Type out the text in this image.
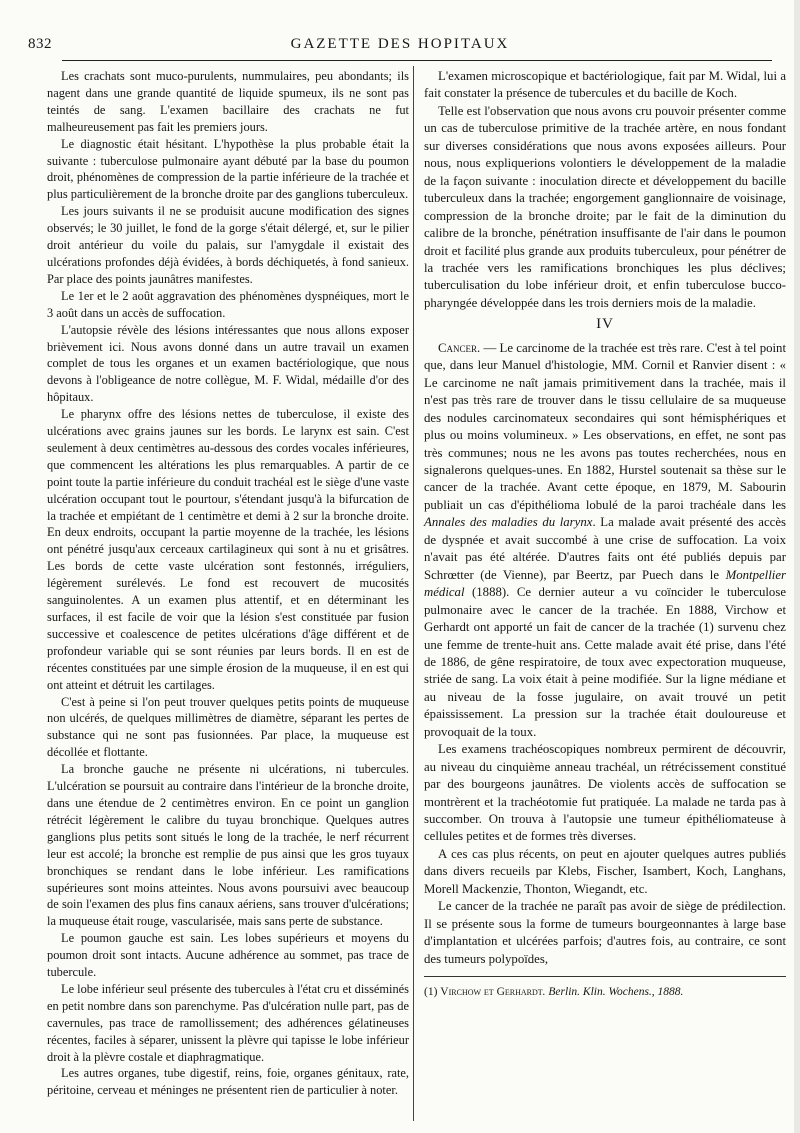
832	GAZETTE DES HOPITAUX

Les crachats sont muco-purulents, nummulaires, peu abondants; ils nagent dans une grande quantité de liquide spumeux, ils ne sont pas teintés de sang. L'examen bacillaire des crachats ne fut malheureusement pas fait les premiers jours.

Le diagnostic était hésitant. L'hypothèse la plus probable était la suivante : tuberculose pulmonaire ayant débuté par la base du poumon droit, phénomènes de compression de la partie inférieure de la trachée et plus particulièrement de la bronche droite par des ganglions tuberculeux.

Les jours suivants il ne se produisit aucune modification des signes observés; le 30 juillet, le fond de la gorge s'était délergé, et, sur le pilier droit antérieur du voile du palais, sur l'amygdale il existait des ulcérations profondes déjà évidées, à bords déchiquetés, à fond sanieux. Par place des points jaunâtres manifestes.

Le 1er et le 2 août aggravation des phénomènes dyspnéiques, mort le 3 août dans un accès de suffocation.

L'autopsie révèle des lésions intéressantes que nous allons exposer brièvement ici. Nous avons donné dans un autre travail un examen complet de tous les organes et un examen bactériologique, que nous devons à l'obligeance de notre collègue, M. F. Widal, médaille d'or des hôpitaux.

Le pharynx offre des lésions nettes de tuberculose, il existe des ulcérations avec grains jaunes sur les bords. Le larynx est sain. C'est seulement à deux centimètres au-dessous des cordes vocales inférieures, que commencent les altérations les plus remarquables. A partir de ce point toute la partie inférieure du conduit trachéal est le siège d'une vaste ulcération occupant tout le pourtour, s'étendant jusqu'à la bifurcation de la trachée et empiétant de 1 centimètre et demi à 2 sur la bronche droite. En deux endroits, occupant la partie moyenne de la trachée, les lésions ont pénétré jusqu'aux cerceaux cartilagineux qui sont à nu et grisâtres. Les bords de cette vaste ulcération sont festonnés, irréguliers, légèrement surélevés. Le fond est recouvert de mucosités sanguinolentes. A un examen plus attentif, et en déterminant les surfaces, il est facile de voir que la lésion s'est constituée par fusion successive et coalescence de petites ulcérations d'âge différent et de profondeur variable qui se sont réunies par leurs bords. Il en est de récentes constituées par une simple érosion de la muqueuse, il en est qui ont atteint et détruit les cartilages.

C'est à peine si l'on peut trouver quelques petits points de muqueuse non ulcérés, de quelques millimètres de diamètre, séparant les pertes de substance qui ne sont pas fusionnées. Par place, la muqueuse est décollée et flottante.

La bronche gauche ne présente ni ulcérations, ni tubercules. L'ulcération se poursuit au contraire dans l'intérieur de la bronche droite, dans une étendue de 2 centimètres environ. En ce point un ganglion rétrécit légèrement le calibre du tuyau bronchique. Quelques autres ganglions plus petits sont situés le long de la trachée, le nerf récurrent leur est accolé; la bronche est remplie de pus ainsi que les gros tuyaux bronchiques se rendant dans le lobe inférieur. Les ramifications supérieures sont moins atteintes. Nous avons poursuivi avec beaucoup de soin l'examen des plus fins canaux aériens, sans trouver d'ulcérations; la muqueuse était rouge, vascularisée, mais sans perte de substance.

Le poumon gauche est sain. Les lobes supérieurs et moyens du poumon droit sont intacts. Aucune adhérence au sommet, pas trace de tubercule.

Le lobe inférieur seul présente des tubercules à l'état cru et disséminés en petit nombre dans son parenchyme. Pas d'ulcération nulle part, pas de cavernules, pas trace de ramollissement; des adhérences gélatineuses récentes, faciles à séparer, unissent la plèvre qui tapisse le lobe inférieur droit à la plèvre costale et diaphragmatique.

Les autres organes, tube digestif, reins, foie, organes génitaux, rate, péritoine, cerveau et méninges ne présentent rien de particulier à noter.

L'examen microscopique et bactériologique, fait par M. Widal, lui a fait constater la présence de tubercules et du bacille de Koch.

Telle est l'observation que nous avons cru pouvoir présenter comme un cas de tuberculose primitive de la trachée artère, en nous fondant sur diverses considérations que nous avons exposées ailleurs. Pour nous, nous expliquerions volontiers le développement de la maladie de la façon suivante : inoculation directe et développement du bacille tuberculeux dans la trachée; engorgement ganglionnaire de voisinage, compression de la bronche droite; par le fait de la diminution du calibre de la bronche, pénétration insuffisante de l'air dans le poumon droit et facilité plus grande aux produits tuberculeux, pour pénétrer de la trachée vers les ramifications bronchiques les plus déclives; tuberculisation du lobe inférieur droit, et enfin tuberculose bucco-pharyngée développée dans les trois derniers mois de la maladie.

IV

Cancer. — Le carcinome de la trachée est très rare. C'est à tel point que, dans leur Manuel d'histologie, MM. Cornil et Ranvier disent : « Le carcinome ne naît jamais primitivement dans la trachée, mais il n'est pas très rare de trouver dans le tissu cellulaire de sa muqueuse des nodules carcinomateux secondaires qui sont hémisphériques et plus ou moins volumineux. » Les observations, en effet, ne sont pas très communes; nous ne les avons pas toutes recherchées, nous en signalerons quelques-unes. En 1882, Hurstel soutenait sa thèse sur le cancer de la trachée. Avant cette époque, en 1879, M. Sabourin publiait un cas d'épithélioma lobulé de la paroi trachéale dans les Annales des maladies du larynx. La malade avait présenté des accès de dyspnée et avait succombé à une crise de suffocation. La voix n'avait pas été altérée. D'autres faits ont été publiés depuis par Schrœtter (de Vienne), par Beertz, par Puech dans le Montpellier médical (1888). Ce dernier auteur a vu coïncider le tuberculose pulmonaire avec le cancer de la trachée. En 1888, Virchow et Gerhardt ont apporté un fait de cancer de la trachée (1) survenu chez une femme de trente-huit ans. Cette malade avait été prise, dans l'été de 1886, de gêne respiratoire, de toux avec expectoration muqueuse, striée de sang. La voix était à peine modifiée. Sur la ligne médiane et au niveau de la fosse jugulaire, on avait trouvé un petit épaississement. La pression sur la trachée était douloureuse et provoquait de la toux.

Les examens trachéoscopiques nombreux permirent de découvrir, au niveau du cinquième anneau trachéal, un rétrécissement constitué par des bourgeons jaunâtres. De violents accès de suffocation se montrèrent et la trachéotomie fut pratiquée. La malade ne tarda pas à succomber. On trouva à l'autopsie une tumeur épithéliomateuse à cellules petites et de formes très diverses.

A ces cas plus récents, on peut en ajouter quelques autres publiés dans divers recueils par Klebs, Fischer, Isambert, Koch, Langhans, Morell Mackenzie, Thonton, Wiegandt, etc.

Le cancer de la trachée ne paraît pas avoir de siège de prédilection. Il se présente sous la forme de tumeurs bourgeonnantes à large base d'implantation et ulcérées parfois; d'autres fois, au contraire, ce sont des tumeurs polypoïdes,

(1) Virchow et Gerhardt. Berlin. Klin. Wochens., 1888.
